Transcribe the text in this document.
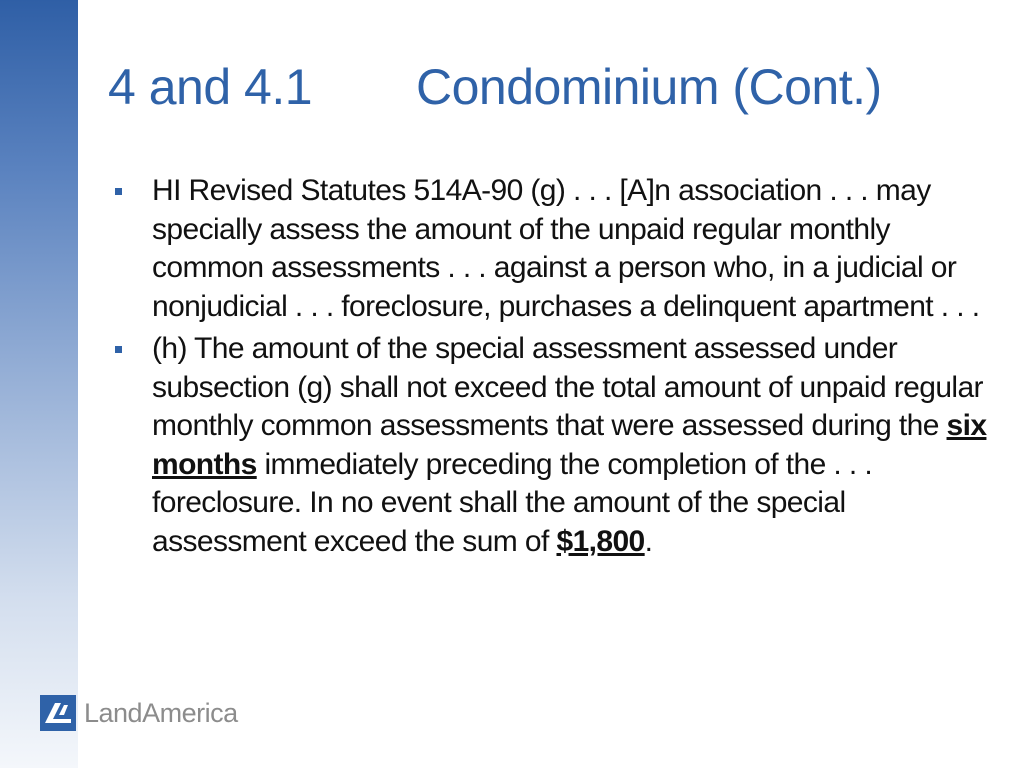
4 and 4.1 Condominium (Cont.)
HI Revised Statutes 514A-90 (g) . . . [A]n association . . . may specially assess the amount of the unpaid regular monthly common assessments . . . against a person who, in a judicial or nonjudicial . . . foreclosure, purchases a delinquent apartment . . .
(h) The amount of the special assessment assessed under subsection (g) shall not exceed the total amount of unpaid regular monthly common assessments that were assessed during the six months immediately preceding the completion of the . . . foreclosure. In no event shall the amount of the special assessment exceed the sum of $1,800.
LandAmerica
